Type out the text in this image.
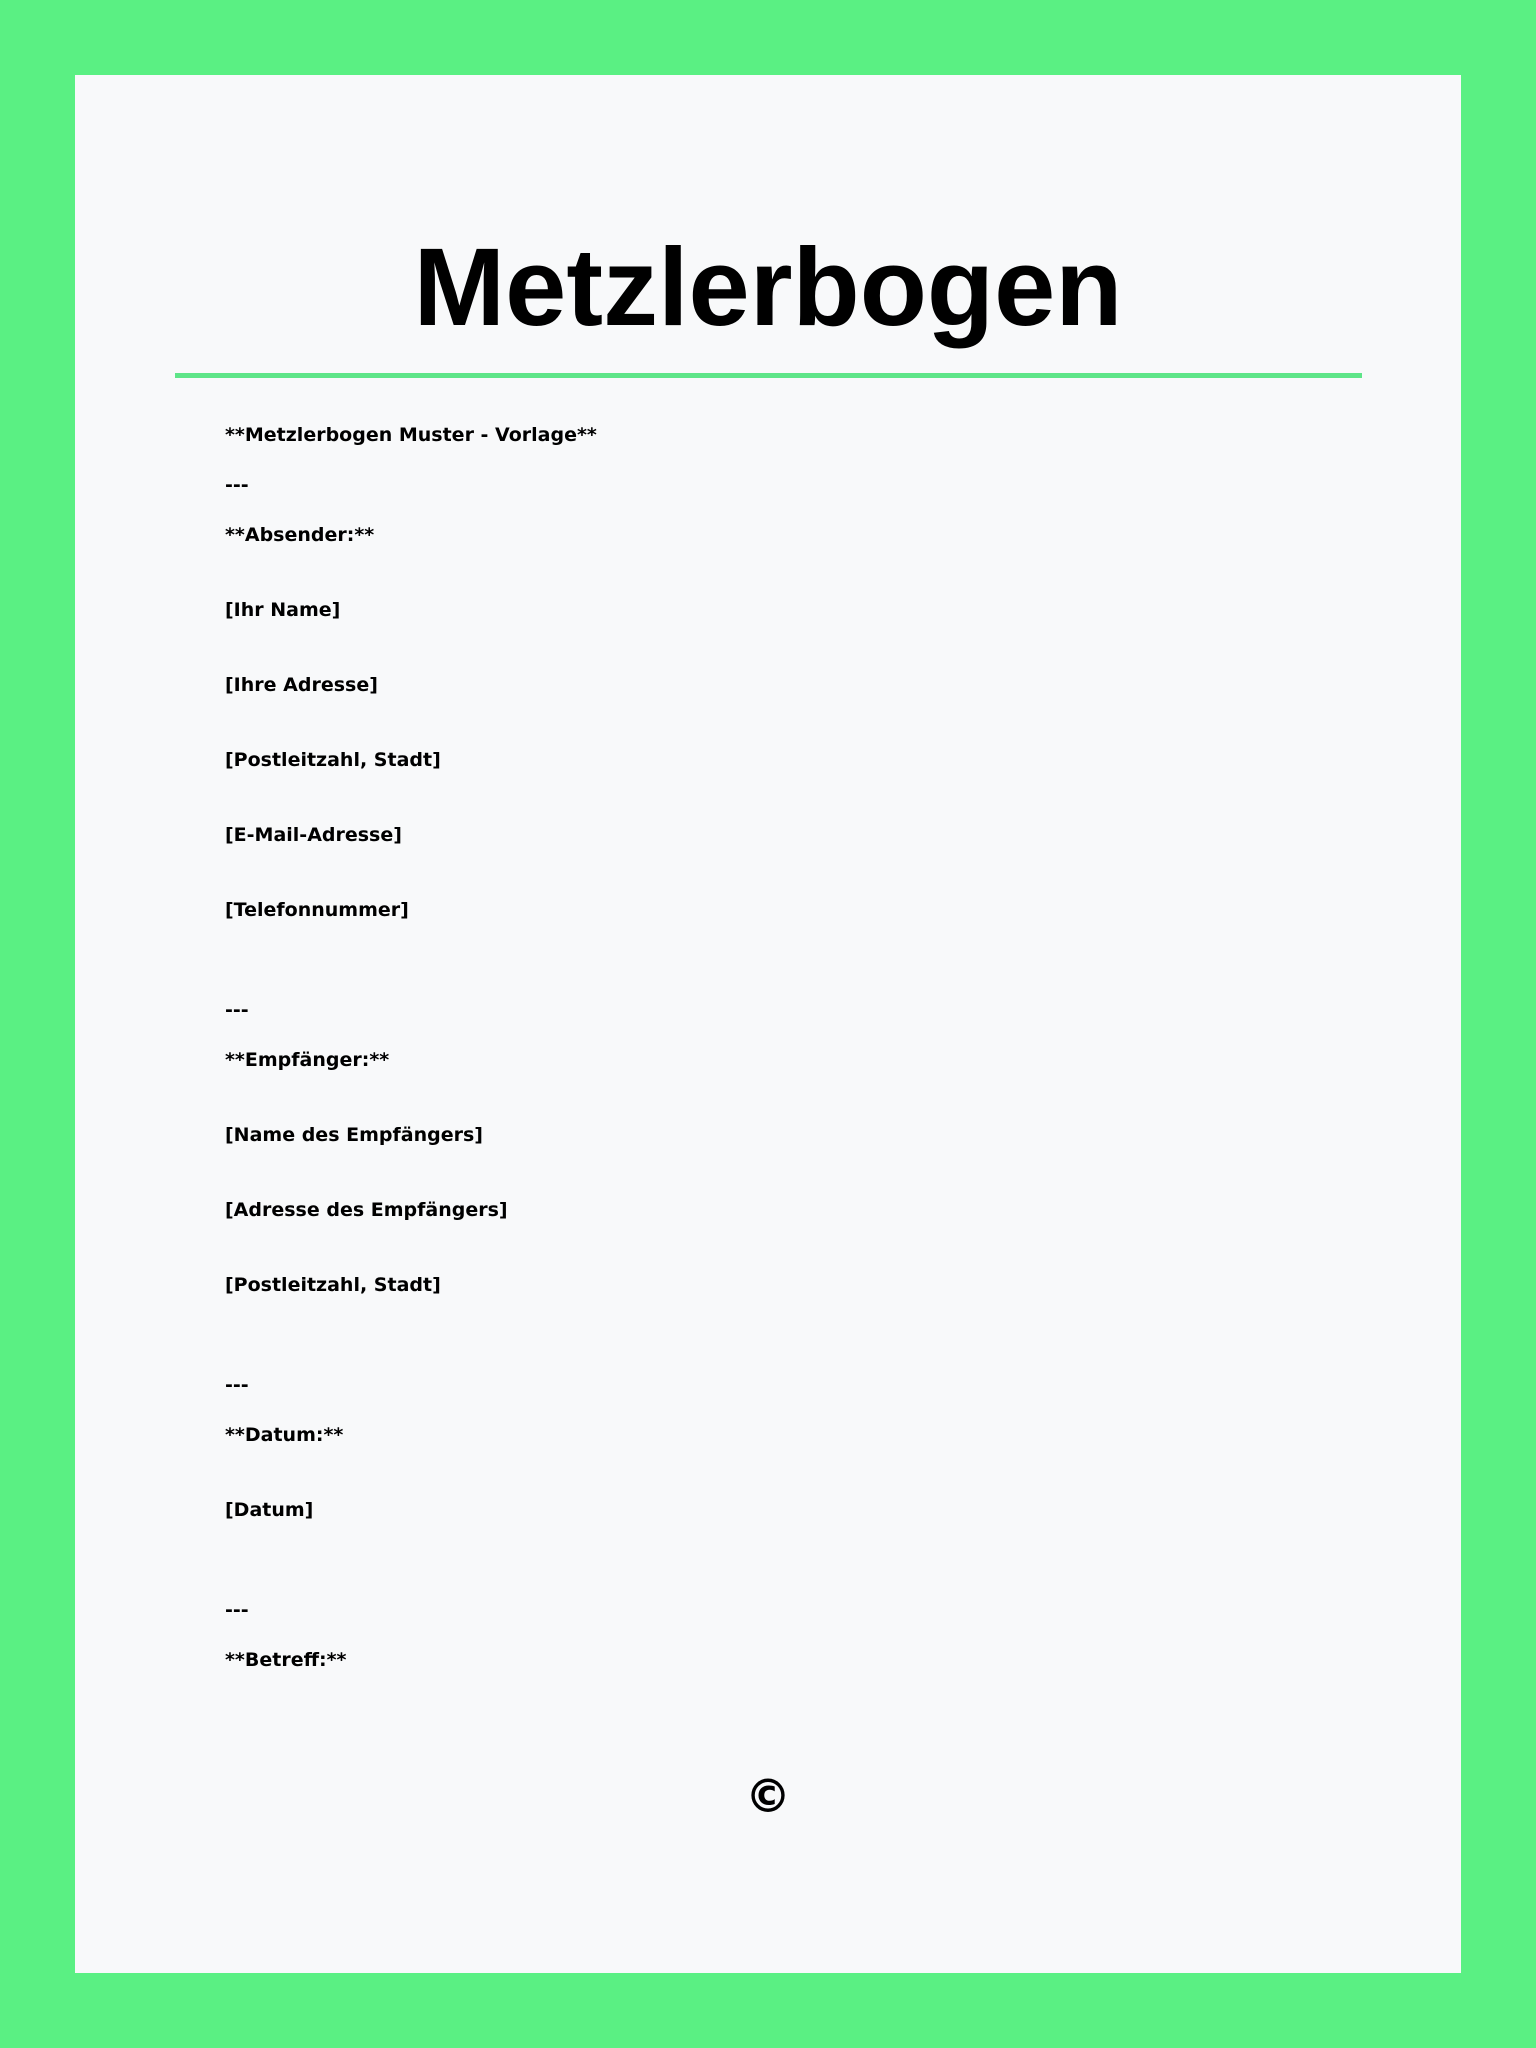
Metzlerbogen

**Metzlerbogen Muster - Vorlage**

---

**Absender:**

[Ihr Name]

[Ihre Adresse]

[Postleitzahl, Stadt]

[E-Mail-Adresse]

[Telefonnummer]

---

**Empfänger:**

[Name des Empfängers]

[Adresse des Empfängers]

[Postleitzahl, Stadt]

---

**Datum:**

[Datum]

---

**Betreff:**

©
